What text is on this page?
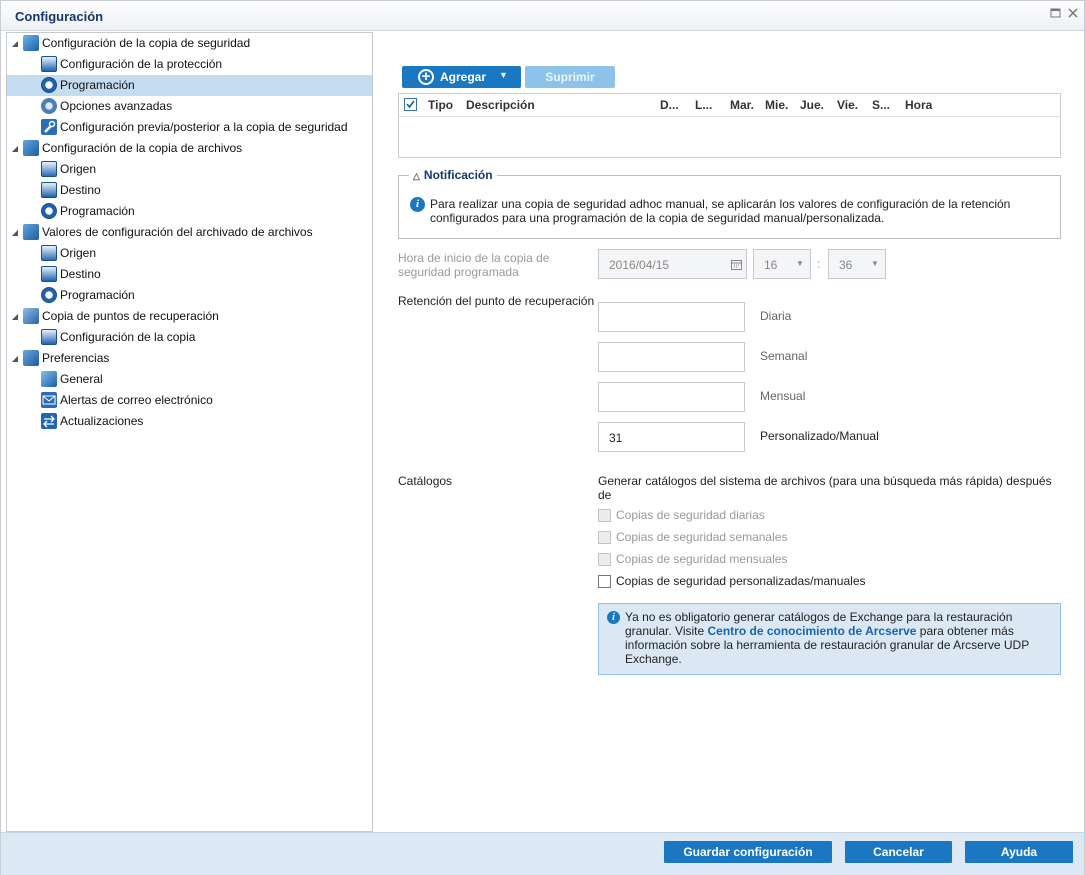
Configuración
◢ Configuración de la copia de seguridad
Configuración de la protección
Programación
Opciones avanzadas
Configuración previa/posterior a la copia de seguridad
◢ Configuración de la copia de archivos
Origen
Destino
Programación
◢ Valores de configuración del archivado de archivos
Origen
Destino
Programación
◢ Copia de puntos de recuperación
Configuración de la copia
◢ Preferencias
General
Alertas de correo electrónico
Actualizaciones
+ Agregar ▼	Suprimir
Tipo Descripción	D... L... Mar. Mie. Jue. Vie. S... Hora
△ Notificación
i Para realizar una copia de seguridad adhoc manual, se aplicarán los valores de configuración de la retención configurados para una programación de la copia de seguridad manual/personalizada.
Hora de inicio de la copia de seguridad programada	2016/04/15	16 ▼ : 36 ▼
Retención del punto de recuperación
Diaria
Semanal
Mensual
31	Personalizado/Manual
Catálogos	Generar catálogos del sistema de archivos (para una búsqueda más rápida) después de
Copias de seguridad diarias
Copias de seguridad semanales
Copias de seguridad mensuales
Copias de seguridad personalizadas/manuales
i Ya no es obligatorio generar catálogos de Exchange para la restauración granular. Visite Centro de conocimiento de Arcserve para obtener más información sobre la herramienta de restauración granular de Arcserve UDP Exchange.
Guardar configuración	Cancelar	Ayuda
